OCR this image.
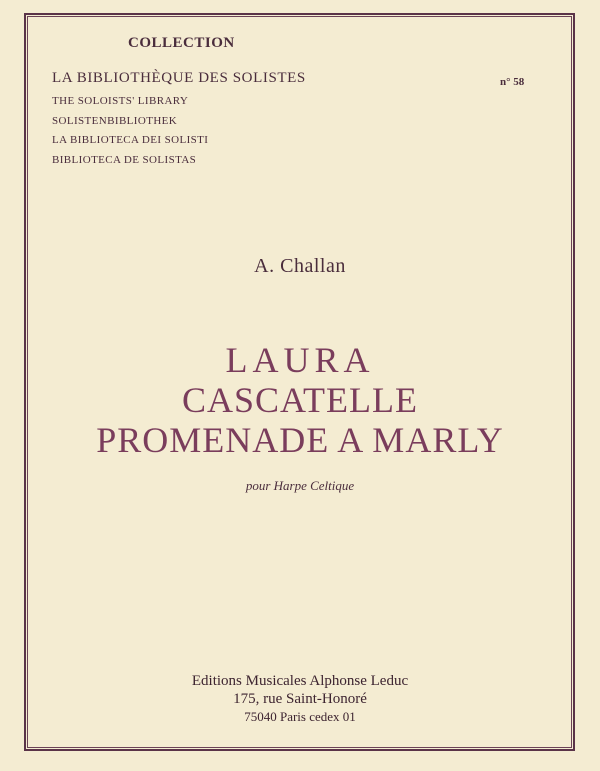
COLLECTION
LA BIBLIOTHÈQUE DES SOLISTES
THE SOLOISTS' LIBRARY
SOLISTENBIBLIOTHEK
LA BIBLIOTECA DEI SOLISTI
BIBLIOTECA DE SOLISTAS
n° 58
A. Challan
LAURA
CASCATELLE
PROMENADE A MARLY
pour Harpe Celtique
Editions Musicales Alphonse Leduc
175, rue Saint-Honoré
75040 Paris cedex 01
